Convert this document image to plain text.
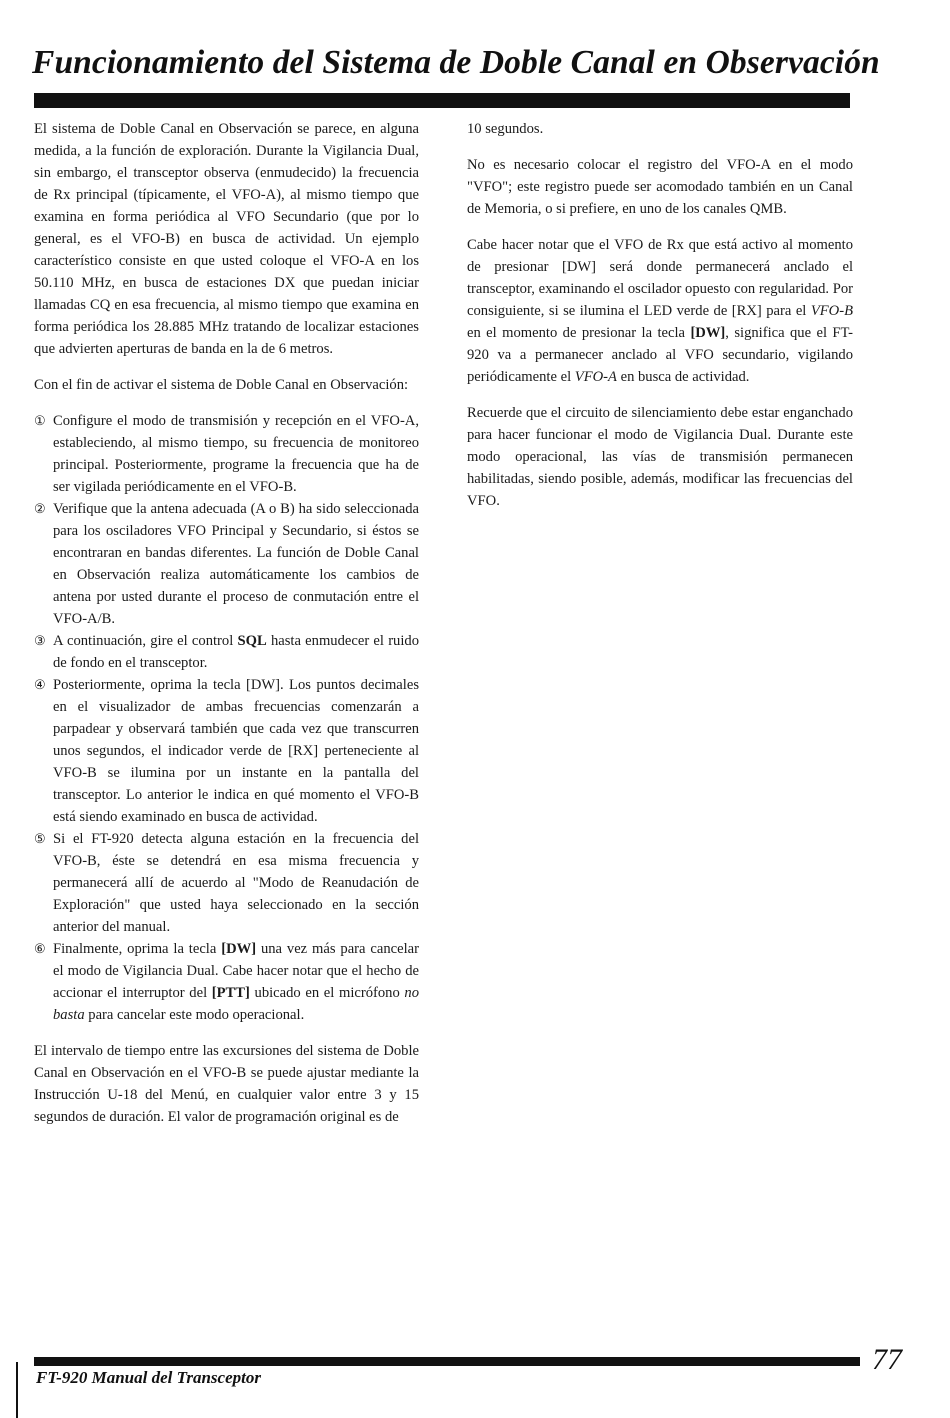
Funcionamiento del Sistema de Doble Canal en Observación

El sistema de Doble Canal en Observación se parece, en alguna medida, a la función de exploración. Durante la Vigilancia Dual, sin embargo, el transceptor observa (enmudecido) la frecuencia de Rx principal (típicamente, el VFO-A), al mismo tiempo que examina en forma periódica al VFO Secundario (que por lo general, es el VFO-B) en busca de actividad. Un ejemplo característico consiste en que usted coloque el VFO-A en los 50.110 MHz, en busca de estaciones DX que puedan iniciar llamadas CQ en esa frecuencia, al mismo tiempo que examina en forma periódica los 28.885 MHz tratando de localizar estaciones que advierten aperturas de banda en la de 6 metros.

Con el fin de activar el sistema de Doble Canal en Observación:

① Configure el modo de transmisión y recepción en el VFO-A, estableciendo, al mismo tiempo, su frecuencia de monitoreo principal. Posteriormente, programe la frecuencia que ha de ser vigilada periódicamente en el VFO-B.
② Verifique que la antena adecuada (A o B) ha sido seleccionada para los osciladores VFO Principal y Secundario, si éstos se encontraran en bandas diferentes. La función de Doble Canal en Observación realiza automáticamente los cambios de antena por usted durante el proceso de conmutación entre el VFO-A/B.
③ A continuación, gire el control SQL hasta enmudecer el ruido de fondo en el transceptor.
④ Posteriormente, oprima la tecla [DW]. Los puntos decimales en el visualizador de ambas frecuencias comenzarán a parpadear y observará también que cada vez que transcurren unos segundos, el indicador verde de [RX] perteneciente al VFO-B se ilumina por un instante en la pantalla del transceptor. Lo anterior le indica en qué momento el VFO-B está siendo examinado en busca de actividad.
⑤ Si el FT-920 detecta alguna estación en la frecuencia del VFO-B, éste se detendrá en esa misma frecuencia y permanecerá allí de acuerdo al "Modo de Reanudación de Exploración" que usted haya seleccionado en la sección anterior del manual.
⑥ Finalmente, oprima la tecla [DW] una vez más para cancelar el modo de Vigilancia Dual. Cabe hacer notar que el hecho de accionar el interruptor del [PTT] ubicado en el micrófono no basta para cancelar este modo operacional.

El intervalo de tiempo entre las excursiones del sistema de Doble Canal en Observación en el VFO-B se puede ajustar mediante la Instrucción U-18 del Menú, en cualquier valor entre 3 y 15 segundos de duración. El valor de programación original es de

10 segundos.

No es necesario colocar el registro del VFO-A en el modo "VFO"; este registro puede ser acomodado también en un Canal de Memoria, o si prefiere, en uno de los canales QMB.

Cabe hacer notar que el VFO de Rx que está activo al momento de presionar [DW] será donde permanecerá anclado el transceptor, examinando el oscilador opuesto con regularidad. Por consiguiente, si se ilumina el LED verde de [RX] para el VFO-B en el momento de presionar la tecla [DW], significa que el FT-920 va a permanecer anclado al VFO secundario, vigilando periódicamente el VFO-A en busca de actividad.

Recuerde que el circuito de silenciamiento debe estar enganchado para hacer funcionar el modo de Vigilancia Dual. Durante este modo operacional, las vías de transmisión permanecen habilitadas, siendo posible, además, modificar las frecuencias del VFO.

FT-920 Manual del Transceptor
77
